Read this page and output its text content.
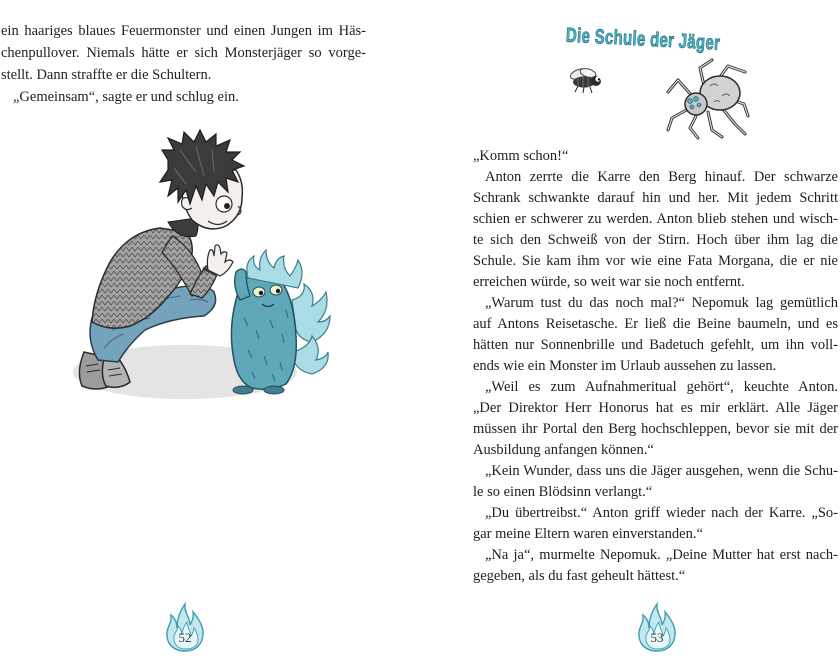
ein haariges blaues Feuermonster und einen Jungen im Häs-
chenpullover. Niemals hätte er sich Monsterjäger so vorge-
stellt. Dann straffte er die Schultern.
„Gemeinsam“, sagte er und schlug ein.
52
Die Schule der Jäger
„Komm schon!“
Anton zerrte die Karre den Berg hinauf. Der schwarze
Schrank schwankte darauf hin und her. Mit jedem Schritt
schien er schwerer zu werden. Anton blieb stehen und wisch-
te sich den Schweiß von der Stirn. Hoch über ihm lag die
Schule. Sie kam ihm vor wie eine Fata Morgana, die er nie
erreichen würde, so weit war sie noch entfernt.
„Warum tust du das noch mal?“ Nepomuk lag gemütlich
auf Antons Reisetasche. Er ließ die Beine baumeln, und es
hätten nur Sonnenbrille und Badetuch gefehlt, um ihn voll-
ends wie ein Monster im Urlaub aussehen zu lassen.
„Weil es zum Aufnahmeritual gehört“, keuchte Anton.
„Der Direktor Herr Honorus hat es mir erklärt. Alle Jäger
müssen ihr Portal den Berg hochschleppen, bevor sie mit der
Ausbildung anfangen können.“
„Kein Wunder, dass uns die Jäger ausgehen, wenn die Schu-
le so einen Blödsinn verlangt.“
„Du übertreibst.“ Anton griff wieder nach der Karre. „So-
gar meine Eltern waren einverstanden.“
„Na ja“, murmelte Nepomuk. „Deine Mutter hat erst nach-
gegeben, als du fast geheult hättest.“
53
